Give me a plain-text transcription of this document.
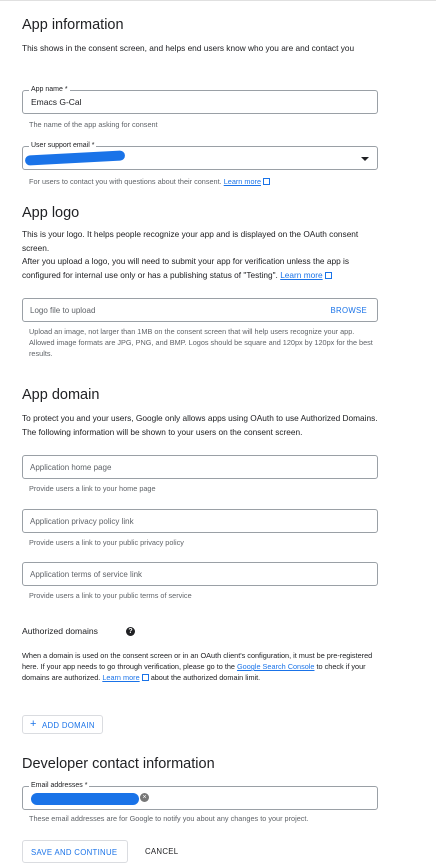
App information
This shows in the consent screen, and helps end users know who you are and contact you
App name *
Emacs G-Cal
The name of the app asking for consent
User support email *
For users to contact you with questions about their consent. Learn more
App logo
This is your logo. It helps people recognize your app and is displayed on the OAuth consent screen.
After you upload a logo, you will need to submit your app for verification unless the app is configured for internal use only or has a publishing status of "Testing". Learn more
Logo file to upload	BROWSE
Upload an image, not larger than 1MB on the consent screen that will help users recognize your app. Allowed image formats are JPG, PNG, and BMP. Logos should be square and 120px by 120px for the best results.
App domain
To protect you and your users, Google only allows apps using OAuth to use Authorized Domains. The following information will be shown to your users on the consent screen.
Application home page
Provide users a link to your home page
Application privacy policy link
Provide users a link to your public privacy policy
Application terms of service link
Provide users a link to your public terms of service
Authorized domains	?
When a domain is used on the consent screen or in an OAuth client's configuration, it must be pre-registered here. If your app needs to go through verification, please go to the Google Search Console to check if your domains are authorized. Learn more about the authorized domain limit.
+ ADD DOMAIN
Developer contact information
Email addresses *
×
These email addresses are for Google to notify you about any changes to your project.
SAVE AND CONTINUE	CANCEL
